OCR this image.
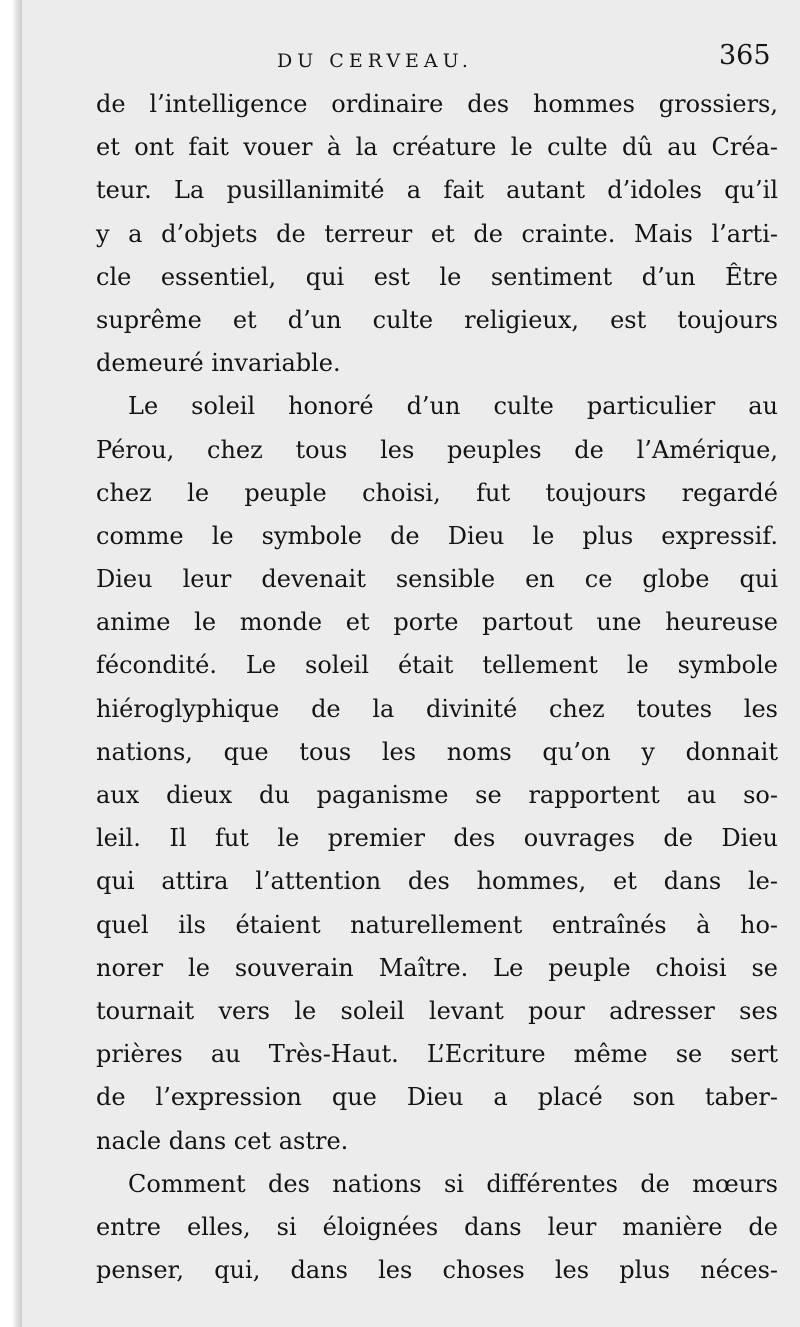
DU CERVEAU.	365
de l’intelligence ordinaire des hommes grossiers,
et ont fait vouer à la créature le culte dû au Créa-
teur. La pusillanimité a fait autant d’idoles qu’il
y a d’objets de terreur et de crainte. Mais l’arti-
cle essentiel, qui est le sentiment d’un Être
suprême et d’un culte religieux, est toujours
demeuré invariable.
Le soleil honoré d’un culte particulier au
Pérou, chez tous les peuples de l’Amérique,
chez le peuple choisi, fut toujours regardé
comme le symbole de Dieu le plus expressif.
Dieu leur devenait sensible en ce globe qui
anime le monde et porte partout une heureuse
fécondité. Le soleil était tellement le symbole
hiéroglyphique de la divinité chez toutes les
nations, que tous les noms qu’on y donnait
aux dieux du paganisme se rapportent au so-
leil. Il fut le premier des ouvrages de Dieu
qui attira l’attention des hommes, et dans le-
quel ils étaient naturellement entraînés à ho-
norer le souverain Maître. Le peuple choisi se
tournait vers le soleil levant pour adresser ses
prières au Très-Haut. L’Ecriture même se sert
de l’expression que Dieu a placé son taber-
nacle dans cet astre.
Comment des nations si différentes de mœurs
entre elles, si éloignées dans leur manière de
penser, qui, dans les choses les plus néces-
